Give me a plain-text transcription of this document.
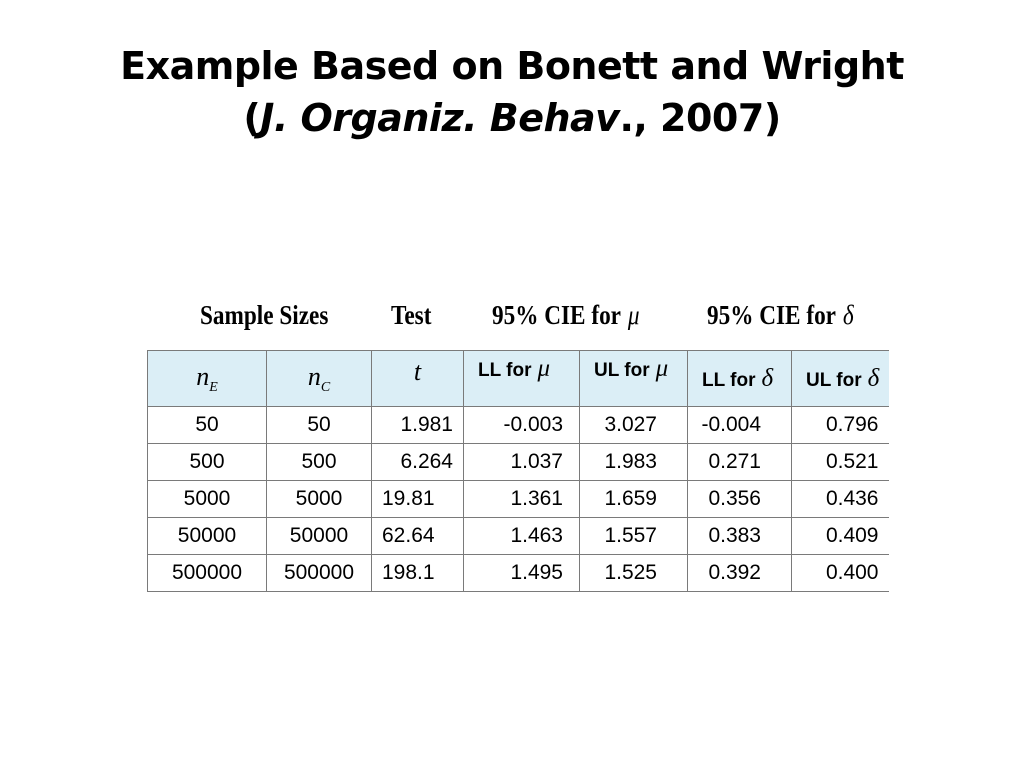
Example Based on Bonett and Wright
(J. Organiz. Behav., 2007)
Sample Sizes Test 95% CIE for μ 95% CIE for δ
$n_E$	$n_C$	t	LL for μ	UL for μ	LL for δ	UL for δ
50	50	1.981	-0.003	3.027	-0.004	0.796
500	500	6.264	1.037	1.983	0.271	0.521
5000	5000	19.81	1.361	1.659	0.356	0.436
50000	50000	62.64	1.463	1.557	0.383	0.409
500000	500000	198.1	1.495	1.525	0.392	0.400
